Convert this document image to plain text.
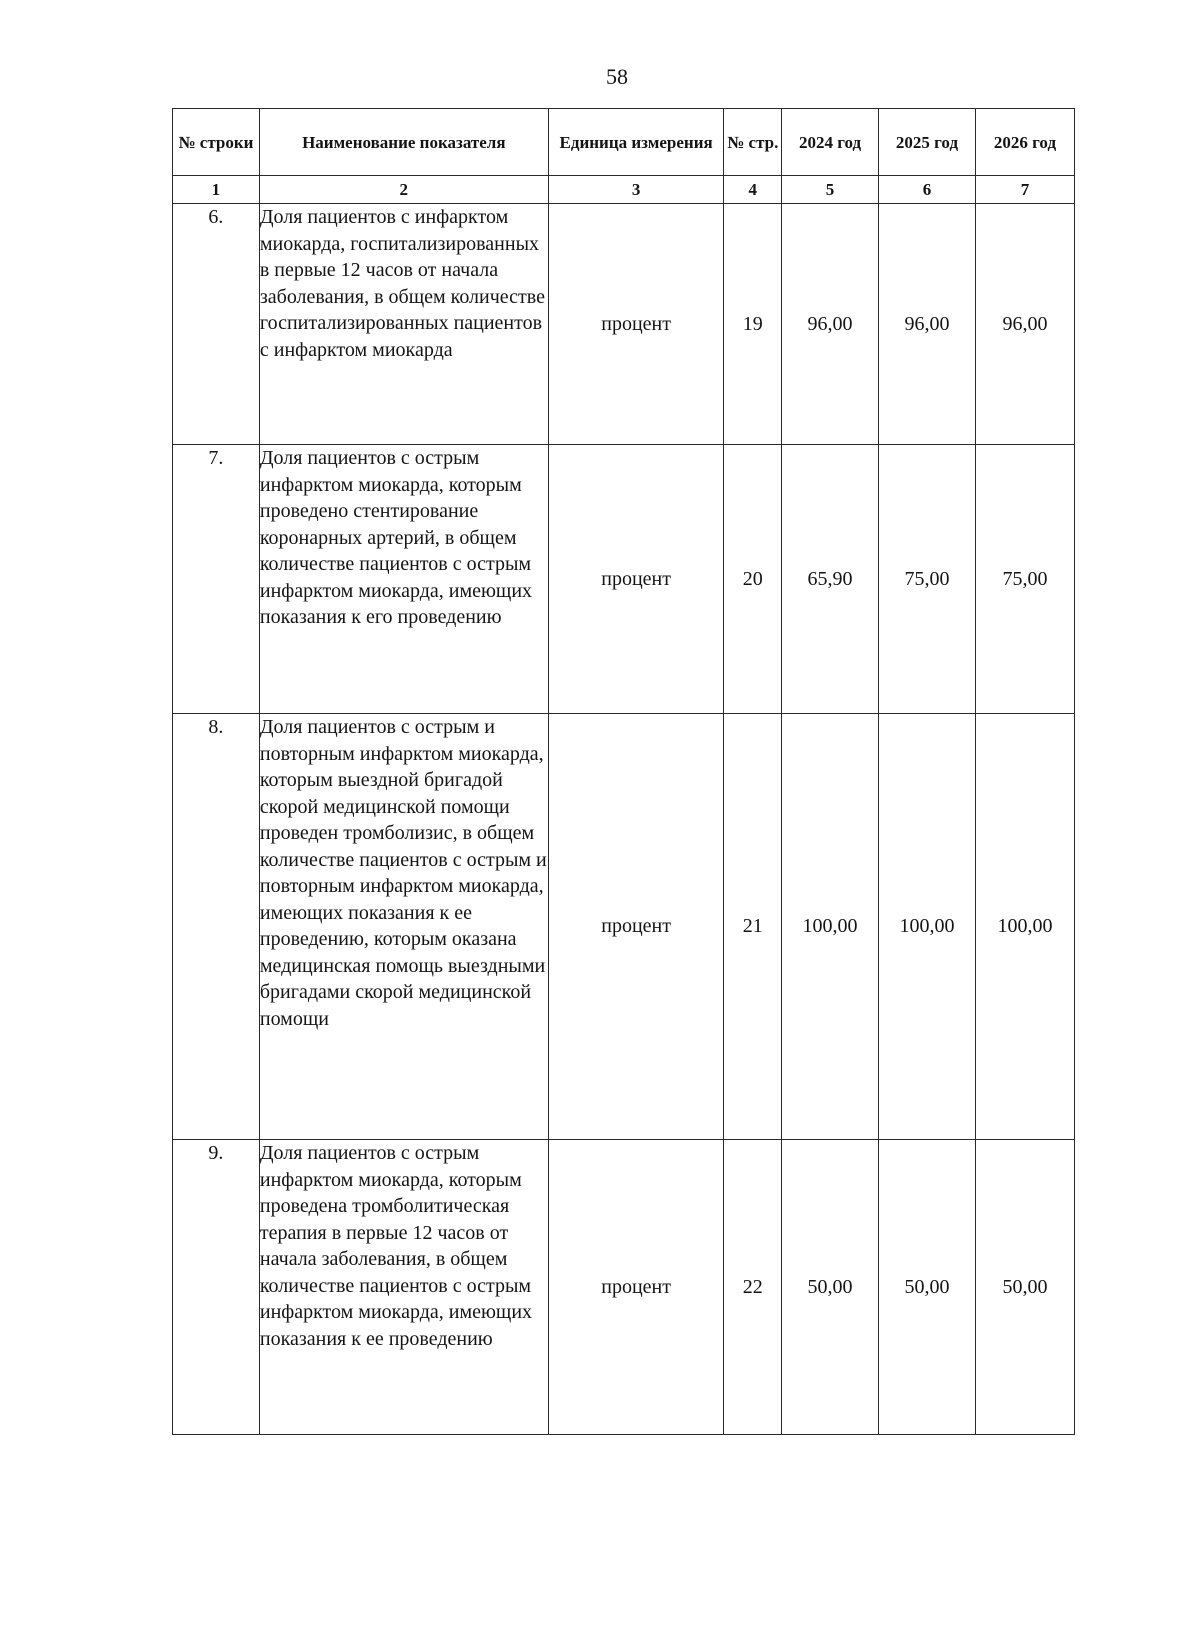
58
№ строки	Наименование показателя	Единица измерения	№ стр.	2024 год	2025 год	2026 год
1	2	3	4	5	6	7
6.	Доля пациентов с инфарктом миокарда, госпитализированных в первые 12 часов от начала заболевания, в общем количестве госпитализированных пациентов с инфарктом миокарда	процент	19	96,00	96,00	96,00
7.	Доля пациентов с острым инфарктом миокарда, которым проведено стентирование коронарных артерий, в общем количестве пациентов с острым инфарктом миокарда, имеющих показания к его проведению	процент	20	65,90	75,00	75,00
8.	Доля пациентов с острым и повторным инфарктом миокарда, которым выездной бригадой скорой медицинской помощи проведен тромболизис, в общем количестве пациентов с острым и повторным инфарктом миокарда, имеющих показания к ее проведению, которым оказана медицинская помощь выездными бригадами скорой медицинской помощи	процент	21	100,00	100,00	100,00
9.	Доля пациентов с острым инфарктом миокарда, которым проведена тромболитическая терапия в первые 12 часов от начала заболевания, в общем количестве пациентов с острым инфарктом миокарда, имеющих показания к ее проведению	процент	22	50,00	50,00	50,00
